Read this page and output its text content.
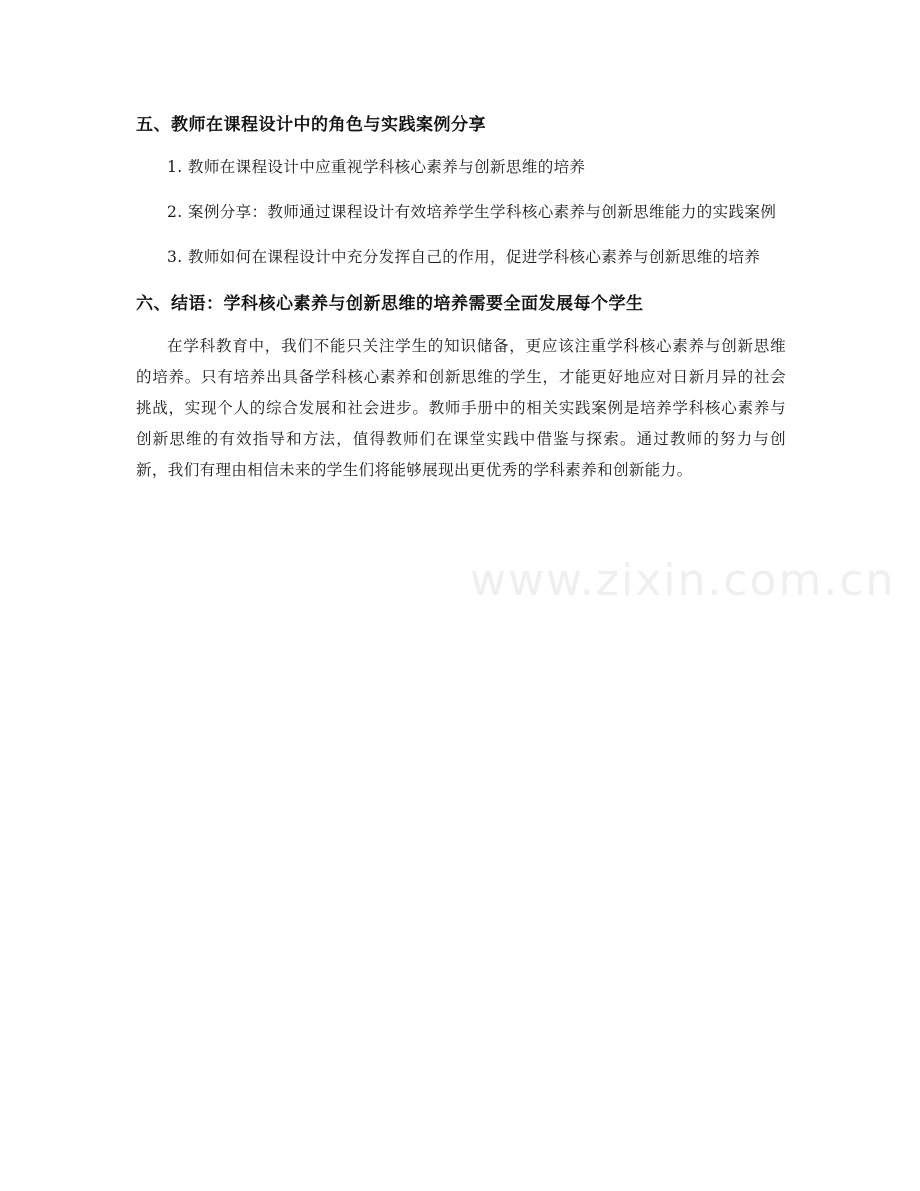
五、教师在课程设计中的角色与实践案例分享

1. 教师在课程设计中应重视学科核心素养与创新思维的培养

2. 案例分享：教师通过课程设计有效培养学生学科核心素养与创新思维能力的实践案例

3. 教师如何在课程设计中充分发挥自己的作用，促进学科核心素养与创新思维的培养

六、结语：学科核心素养与创新思维的培养需要全面发展每个学生

在学科教育中，我们不能只关注学生的知识储备，更应该注重学科核心素养与创新思维的培养。只有培养出具备学科核心素养和创新思维的学生，才能更好地应对日新月异的社会挑战，实现个人的综合发展和社会进步。教师手册中的相关实践案例是培养学科核心素养与创新思维的有效指导和方法，值得教师们在课堂实践中借鉴与探索。通过教师的努力与创新，我们有理由相信未来的学生们将能够展现出更优秀的学科素养和创新能力。

www.zixin.com.cn
